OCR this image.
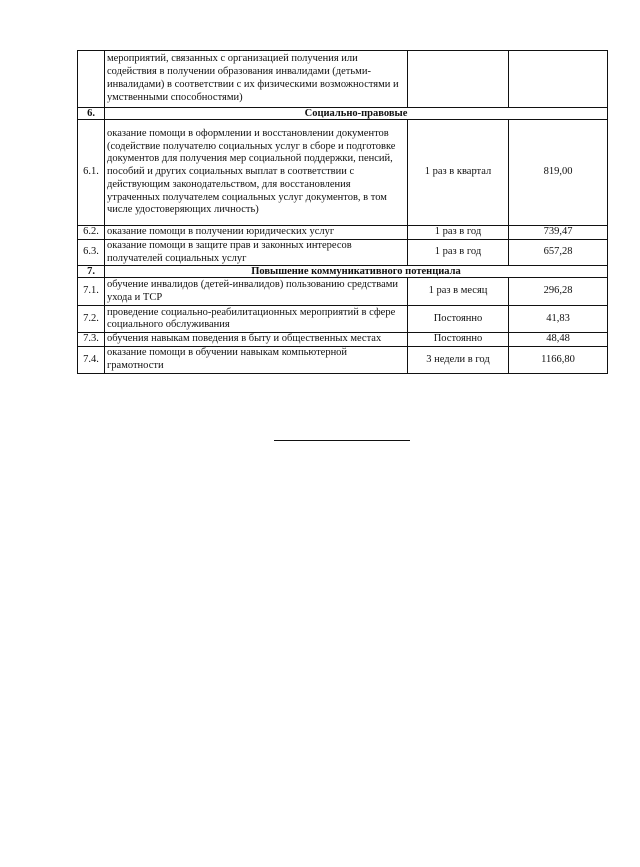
	мероприятий, связанных с организацией получения или содействия в получении образования инвалидами (детьми-инвалидами) в соответствии с их физическими возможностями и умственными способностями)		
6.	Социально-правовые		
6.1.	оказание помощи в оформлении и восстановлении документов (содействие получателю социальных услуг в сборе и подготовке документов для получения мер социальной поддержки, пенсий, пособий и других социальных выплат в соответствии с действующим законодательством, для восстановления утраченных получателем социальных услуг документов, в том числе удостоверяющих личность)	1 раз в квартал	819,00
6.2.	оказание помощи в получении юридических услуг	1 раз в год	739,47
6.3.	оказание помощи в защите прав и законных интересов получателей социальных услуг	1 раз в год	657,28
7.	Повышение коммуникативного потенциала		
7.1.	обучение инвалидов (детей-инвалидов) пользованию средствами ухода и ТСР	1 раз в месяц	296,28
7.2.	проведение социально-реабилитационных мероприятий в сфере социального обслуживания	Постоянно	41,83
7.3.	обучения навыкам поведения в быту и общественных местах	Постоянно	48,48
7.4.	оказание помощи в обучении навыкам компьютерной грамотности	3 недели в год	1166,80
